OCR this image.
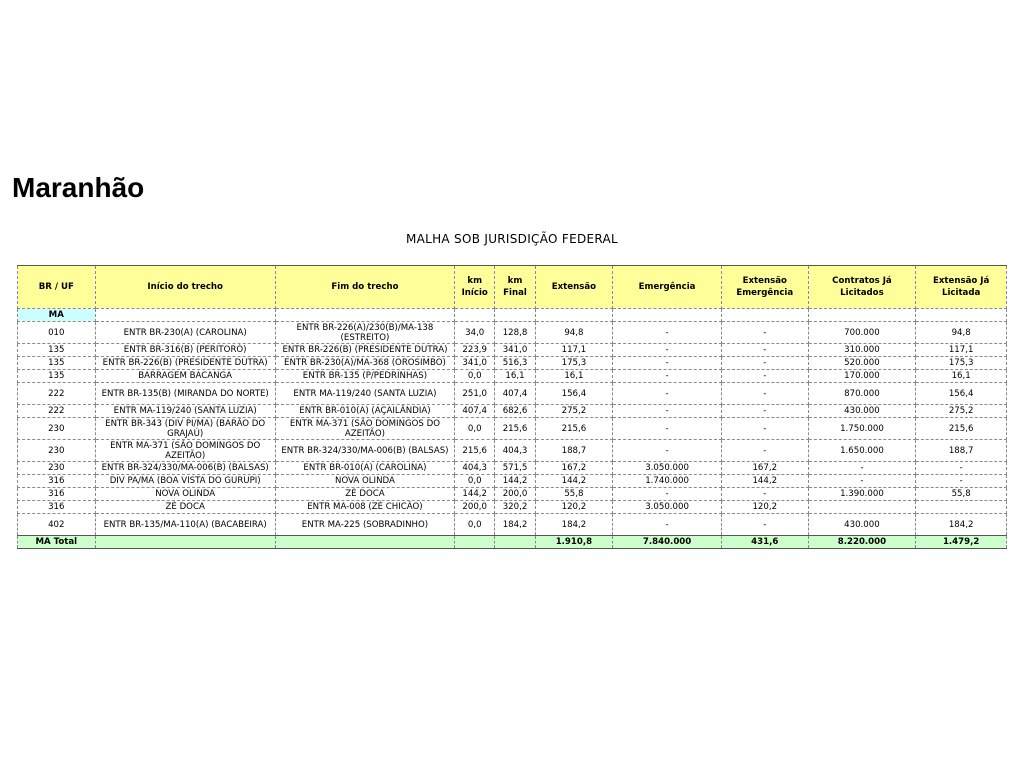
Maranhão
MALHA SOB JURISDIÇÃO FEDERAL
BR / UF	Início do trecho	Fim do trecho	km Início	km Final	Extensão	Emergência	Extensão Emergência	Contratos Já Licitados	Extensão Já Licitada
MA									
010	ENTR BR-230(A) (CAROLINA)	ENTR BR-226(A)/230(B)/MA-138 (ESTREITO)	34,0	128,8	94,8	-	-	700.000	94,8
135	ENTR BR-316(B) (PERITORÓ)	ENTR BR-226(B) (PRESIDENTE DUTRA)	223,9	341,0	117,1	-	-	310.000	117,1
135	ENTR BR-226(B) (PRESIDENTE DUTRA)	ENTR BR-230(A)/MA-368 (OROSIMBO)	341,0	516,3	175,3	-	-	520.000	175,3
135	BARRAGEM BACANGA	ENTR BR-135 (P/PEDRINHAS)	0,0	16,1	16,1	-	-	170.000	16,1
222	ENTR BR-135(B) (MIRANDA DO NORTE)	ENTR MA-119/240 (SANTA LUZIA)	251,0	407,4	156,4	-	-	870.000	156,4
222	ENTR MA-119/240 (SANTA LUZIA)	ENTR BR-010(A) (AÇAILÂNDIA)	407,4	682,6	275,2	-	-	430.000	275,2
230	ENTR BR-343 (DIV PI/MA) (BARÃO DO GRAJAÚ)	ENTR MA-371 (SÃO DOMINGOS DO AZEITÃO)	0,0	215,6	215,6	-	-	1.750.000	215,6
230	ENTR MA-371 (SÃO DOMINGOS DO AZEITÃO)	ENTR BR-324/330/MA-006(B) (BALSAS)	215,6	404,3	188,7	-	-	1.650.000	188,7
230	ENTR BR-324/330/MA-006(B) (BALSAS)	ENTR BR-010(A) (CAROLINA)	404,3	571,5	167,2	3.050.000	167,2	-	-
316	DIV PA/MA (BOA VISTA DO GURUPI)	NOVA OLINDA	0,0	144,2	144,2	1.740.000	144,2	-	-
316	NOVA OLINDA	ZÉ DOCA	144,2	200,0	55,8	-	-	1.390.000	55,8
316	ZÉ DOCA	ENTR MA-008 (ZÉ CHICÃO)	200,0	320,2	120,2	3.050.000	120,2		
402	ENTR BR-135/MA-110(A) (BACABEIRA)	ENTR MA-225 (SOBRADINHO)	0,0	184,2	184,2	-	-	430.000	184,2
MA Total					1.910,8	7.840.000	431,6	8.220.000	1.479,2
